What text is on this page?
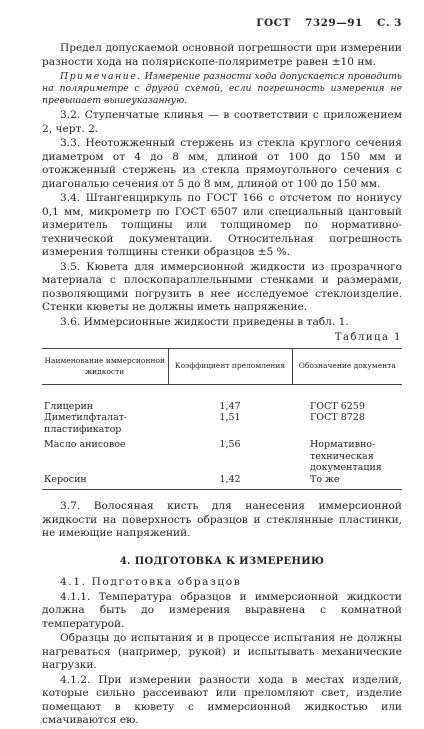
ГОСТ 7329—91 С. 3

Предел допускаемой основной погрешности при измерении разности хода на полярископе-поляриметре равен ±10 нм.

Примечание. Измерение разности хода допускается проводить на поляриметре с другой схемой, если погрешность измерения не превышает вышеуказанную.

3.2. Ступенчатые клинья — в соответствии с приложением 2, черт. 2.

3.3. Неотожженный стержень из стекла круглого сечения диаметром от 4 до 8 мм, длиной от 100 до 150 мм и отожженный стержень из стекла прямоугольного сечения с диагональю сечения от 5 до 8 мм, длиной от 100 до 150 мм.

3.4. Штангенциркуль по ГОСТ 166 с отсчетом по нониусу 0,1 мм, микрометр по ГОСТ 6507 или специальный цанговый измеритель толщины или толщиномер по нормативно-технической документации. Относительная погрешность измерения толщины стенки образцов ±5 %.

3.5. Кювета для иммерсионной жидкости из прозрачного материала с плоскопараллельными стенками и размерами, позволяющими погрузить в нее исследуемое стеклоизделие. Стенки кюветы не должны иметь напряжение.

3.6. Иммерсионные жидкости приведены в табл. 1.

Таблица 1
Наименование иммерсионной жидкости	Коэффициент преломления	Обозначение документа
Глицерин	1,47	ГОСТ 6259
Диметилфталат-пластификатор	1,51	ГОСТ 8728
Масло анисовое	1,56	Нормативно-техническая документация
Керосин	1,42	То же

3.7. Волосяная кисть для нанесения иммерсионной жидкости на поверхность образцов и стеклянные пластинки, не имеющие напряжений.

4. ПОДГОТОВКА К ИЗМЕРЕНИЮ

4.1. Подготовка образцов

4.1.1. Температура образцов и иммерсионной жидкости должна быть до измерения выравнена с комнатной температурой.

Образцы до испытания и в процессе испытания не должны нагреваться (например, рукой) и испытывать механические нагрузки.

4.1.2. При измерении разности хода в местах изделий, которые сильно рассеивают или преломляют свет, изделие помещают в кювету с иммерсионной жидкостью или смачиваются ею.
